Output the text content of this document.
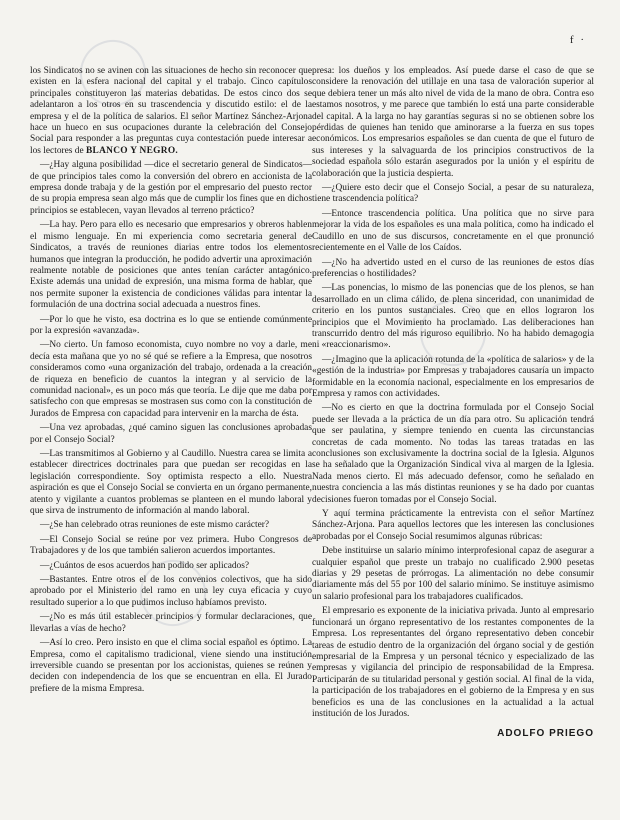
f ·

los Sindicatos no se avinen con las situaciones de hecho sin reconocer que existen en la esfera nacional del capital y el trabajo. Cinco capítulos principales constituyeron las materias debatidas. De estos cinco dos se adelantaron a los otros en su trascendencia y discutido estilo: el de la empresa y el de la política de salarios. El señor Martínez Sánchez-Arjona hace un hueco en sus ocupaciones durante la celebración del Consejo Social para responder a las preguntas cuya contestación puede interesar a los lectores de BLANCO Y NEGRO.

—¿Hay alguna posibilidad —dice el secretario general de Sindicatos— de que principios tales como la conversión del obrero en accionista de la empresa donde trabaja y de la gestión por el empresario del puesto rector de su propia empresa sean algo más que de cumplir los fines que en dichos principios se establecen, vayan llevados al terreno práctico?

—La hay. Pero para ello es necesario que empresarios y obreros hablen el mismo lenguaje. En mi experiencia como secretaria general de Sindicatos, a través de reuniones diarias entre todos los elementos humanos que integran la producción, he podido advertir una aproximación realmente notable de posiciones que antes tenían carácter antagónico. Existe además una unidad de expresión, una misma forma de hablar, que nos permite suponer la existencia de condiciones válidas para intentar la formulación de una doctrina social adecuada a nuestros fines.

—Por lo que he visto, esa doctrina es lo que se entiende comúnmente por la expresión «avanzada».

—No cierto. Un famoso economista, cuyo nombre no voy a darle, me decía esta mañana que yo no sé qué se refiere a la Empresa, que nosotros consideramos como «una organización del trabajo, ordenada a la creación de riqueza en beneficio de cuantos la integran y al servicio de la comunidad nacional», es un poco más que teoría. Le dije que me daba por satisfecho con que empresas se mostrasen sus como con la constitución de Jurados de Empresa con capacidad para intervenir en la marcha de ésta.

—Una vez aprobadas, ¿qué camino siguen las conclusiones aprobadas por el Consejo Social?

—Las transmitimos al Gobierno y al Caudillo. Nuestra carea se limita a establecer directrices doctrinales para que puedan ser recogidas en la legislación correspondiente. Soy optimista respecto a ello. Nuestra aspiración es que el Consejo Social se convierta en un órgano permanente, atento y vigilante a cuantos problemas se planteen en el mundo laboral y que sirva de instrumento de información al mando laboral.

—¿Se han celebrado otras reuniones de este mismo carácter?

—El Consejo Social se reúne por vez primera. Hubo Congresos de Trabajadores y de los que también salieron acuerdos importantes.

—¿Cuántos de esos acuerdos han podido ser aplicados?

—Bastantes. Entre otros el de los convenios colectivos, que ha sido aprobado por el Ministerio del ramo en una ley cuya eficacia y cuyo resultado superior a lo que pudimos incluso habíamos previsto.

—¿No es más útil establecer principios y formular declaraciones, que llevarlas a vías de hecho?

—Así lo creo. Pero insisto en que el clima social español es óptimo. La Empresa, como el capitalismo tradicional, viene siendo una institución irreversible cuando se presentan por los accionistas, quienes se reúnen y deciden con independencia de los que se encuentran en ella. El Jurado prefiere de la misma Empresa.

presa: los dueños y los empleados. Así puede darse el caso de que se considere la renovación del utillaje en una tasa de valoración superior al que debiera tener un más alto nivel de vida de la mano de obra. Contra eso estamos nosotros, y me parece que también lo está una parte considerable del capital. A la larga no hay garantías seguras si no se obtienen sobre los pérdidas de quienes han tenido que aminorarse a la fuerza en sus topes económicos. Los empresarios españoles se dan cuenta de que el futuro de sus intereses y la salvaguarda de los principios constructivos de la sociedad española sólo estarán asegurados por la unión y el espíritu de colaboración que la justicia despierta.

—¿Quiere esto decir que el Consejo Social, a pesar de su naturaleza, tiene trascendencia política?

—Entonce trascendencia política. Una política que no sirve para mejorar la vida de los españoles es una mala política, como ha indicado el Caudillo en uno de sus discursos, concretamente en el que pronunció recientemente en el Valle de los Caídos.

—¿No ha advertido usted en el curso de las reuniones de estos días preferencias o hostilidades?

—Las ponencias, lo mismo de las ponencias que de los plenos, se han desarrollado en un clima cálido, de plena sinceridad, con unanimidad de criterio en los puntos sustanciales. Creo que en ellos lograron los principios que el Movimiento ha proclamado. Las deliberaciones han transcurrido dentro del más riguroso equilibrio. No ha habido demagogia ni «reaccionarismo».

—¿Imagino que la aplicación rotunda de la «política de salarios» y de la «gestión de la industria» por Empresas y trabajadores causaría un impacto formidable en la economía nacional, especialmente en los empresarios de Empresa y ramos con actividades.

—No es cierto en que la doctrina formulada por el Consejo Social puede ser llevada a la práctica de un día para otro. Su aplicación tendrá que ser paulatina, y siempre teniendo en cuenta las circunstancias concretas de cada momento. No todas las tareas tratadas en las conclusiones son exclusivamente la doctrina social de la Iglesia. Algunos se ha señalado que la Organización Sindical viva al margen de la Iglesia. Nada menos cierto. El más adecuado defensor, como he señalado en nuestra conciencia a las más distintas reuniones y se ha dado por cuantas decisiones fueron tomadas por el Consejo Social.

Y aquí termina prácticamente la entrevista con el señor Martínez Sánchez-Arjona. Para aquellos lectores que les interesen las conclusiones aprobadas por el Consejo Social resumimos algunas rúbricas:

Debe instituirse un salario mínimo interprofesional capaz de asegurar a cualquier español que preste un trabajo no cualificado 2.900 pesetas diarias y 29 pesetas de prórrogas. La alimentación no debe consumir diariamente más del 55 por 100 del salario mínimo. Se instituye asimismo un salario profesional para los trabajadores cualificados.

El empresario es exponente de la iniciativa privada. Junto al empresario funcionará un órgano representativo de los restantes componentes de la Empresa. Los representantes del órgano representativo deben concebir tareas de estudio dentro de la organización del órgano social y de gestión empresarial de la Empresa y un personal técnico y especializado de las empresas y vigilancia del principio de responsabilidad de la Empresa. Participarán de su titularidad personal y gestión social. Al final de la vida, la participación de los trabajadores en el gobierno de la Empresa y en sus beneficios es una de las conclusiones en la actualidad a la actual institución de los Jurados.

ADOLFO PRIEGO
